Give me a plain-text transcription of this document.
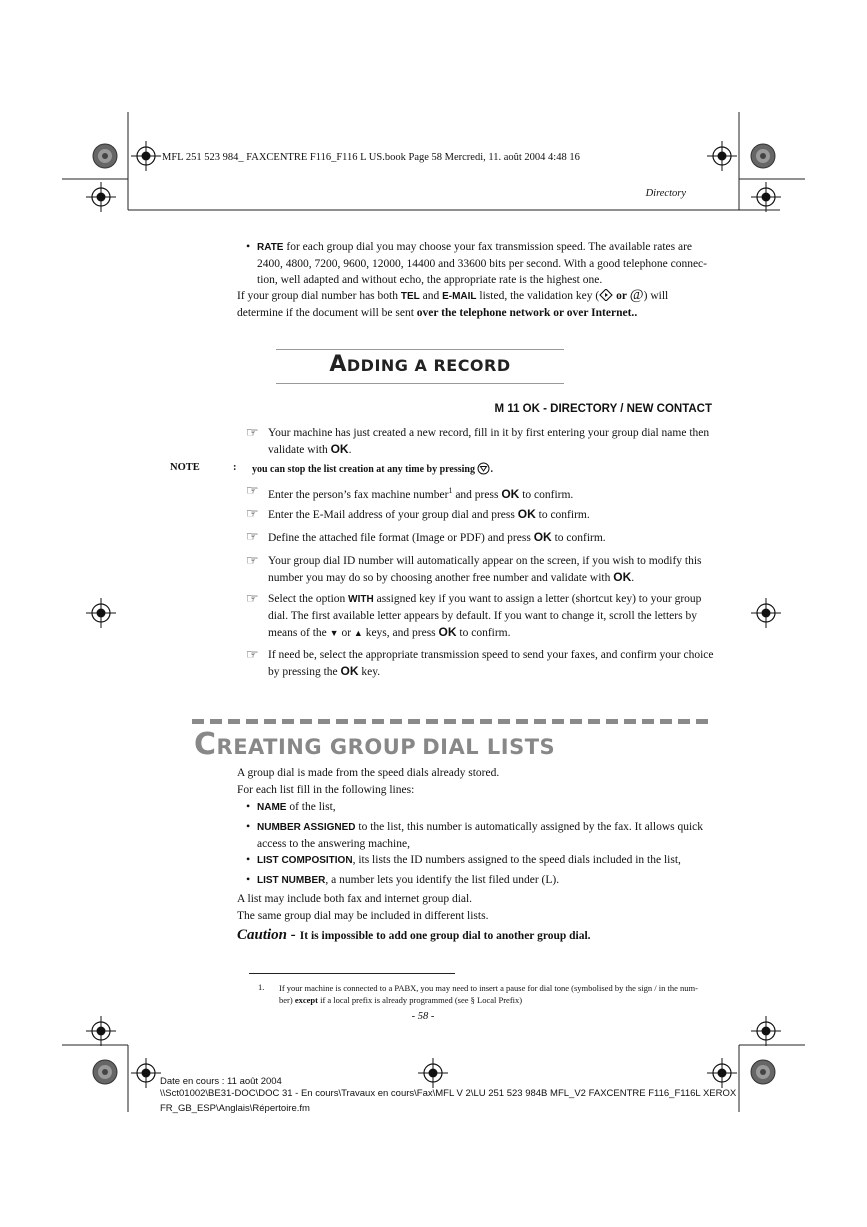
MFL 251 523 984_ FAXCENTRE F116_F116 L US.book Page 58 Mercredi, 11. août 2004 4:48 16
Directory
• RATE for each group dial you may choose your fax transmission speed. The available rates are
2400, 4800, 7200, 9600, 12000, 14400 and 33600 bits per second. With a good telephone connec-
tion, well adapted and without echo, the appropriate rate is the highest one.
If your group dial number has both TEL and E-MAIL listed, the validation key ( or @) will
determine if the document will be sent over the telephone network or over Internet..
ADDING A RECORD
M 11 OK - DIRECTORY / NEW CONTACT
☞ Your machine has just created a new record, fill in it by first entering your group dial name then
validate with OK.
NOTE	: you can stop the list creation at any time by pressing .
☞ Enter the person’s fax machine number$^1$ and press OK to confirm.
☞ Enter the E-Mail address of your group dial and press OK to confirm.
☞ Define the attached file format (Image or PDF) and press OK to confirm.
☞ Your group dial ID number will automatically appear on the screen, if you wish to modify this
number you may do so by choosing another free number and validate with OK.
☞ Select the option WITH assigned key if you want to assign a letter (shortcut key) to your group
dial. The first available letter appears by default. If you want to change it, scroll the letters by
means of the ▼ or ▲ keys, and press OK to confirm.
☞ If need be, select the appropriate transmission speed to send your faxes, and confirm your choice
by pressing the OK key.
CREATING GROUP DIAL LISTS
A group dial is made from the speed dials already stored.
For each list fill in the following lines:
• NAME of the list,
• NUMBER ASSIGNED to the list, this number is automatically assigned by the fax. It allows quick
access to the answering machine,
• LIST COMPOSITION, its lists the ID numbers assigned to the speed dials included in the list,
• LIST NUMBER, a number lets you identify the list filed under (L).
A list may include both fax and internet group dial.
The same group dial may be included in different lists.
Caution - It is impossible to add one group dial to another group dial.
1. If your machine is connected to a PABX, you may need to insert a pause for dial tone (symbolised by the sign / in the num-
ber) except if a local prefix is already programmed (see § Local Prefix)
- 58 -
Date en cours : 11 août 2004
\\Sct01002\BE31-DOC\DOC 31 - En cours\Travaux en cours\Fax\MFL V 2\LU 251 523 984B MFL_V2 FAXCENTRE F116_F116L XEROX
FR_GB_ESP\Anglais\Répertoire.fm
